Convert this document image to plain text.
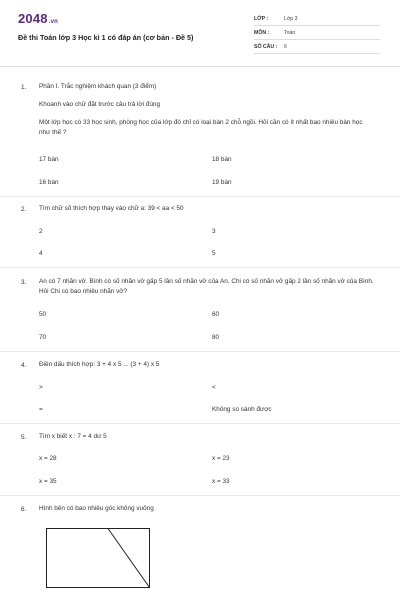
2048.vn
Đề thi Toán lớp 3 Học kì 1 có đáp án (cơ bản - Đề 5)
LỚP :	Lớp 3
MÔN :	Toán
SỐ CÂU : 6
1. Phần I. Trắc nghiệm khách quan (3 điểm)
Khoanh vào chữ đặt trước câu trả lời đúng
Một lớp học có 33 học sinh, phòng học của lớp đó chỉ có loại bàn 2 chỗ ngồi. Hỏi cần có ít nhất bao nhiêu bàn học như thế ?
17 bàn	18 bàn
16 bàn	19 bàn
2. Tìm chữ số thích hợp thay vào chữ a: 39 < aa < 50
2	3
4	5
3. An có 7 nhãn vở. Bình có số nhãn vở gấp 5 lần số nhãn vở của An. Chi có số nhãn vở gấp 2 lần số nhãn vở của Bình. Hỏi Chi có bao nhiêu nhãn vở?
50	60
70	80
4. Điền dấu thích hợp: 3 + 4 x 5 ... (3 + 4) x 5
>	<
=	Không so sánh được
5. Tìm x biết x : 7 = 4 dư 5
x = 28	x = 23
x = 35	x = 33
6. Hình bên có bao nhiêu góc không vuông
